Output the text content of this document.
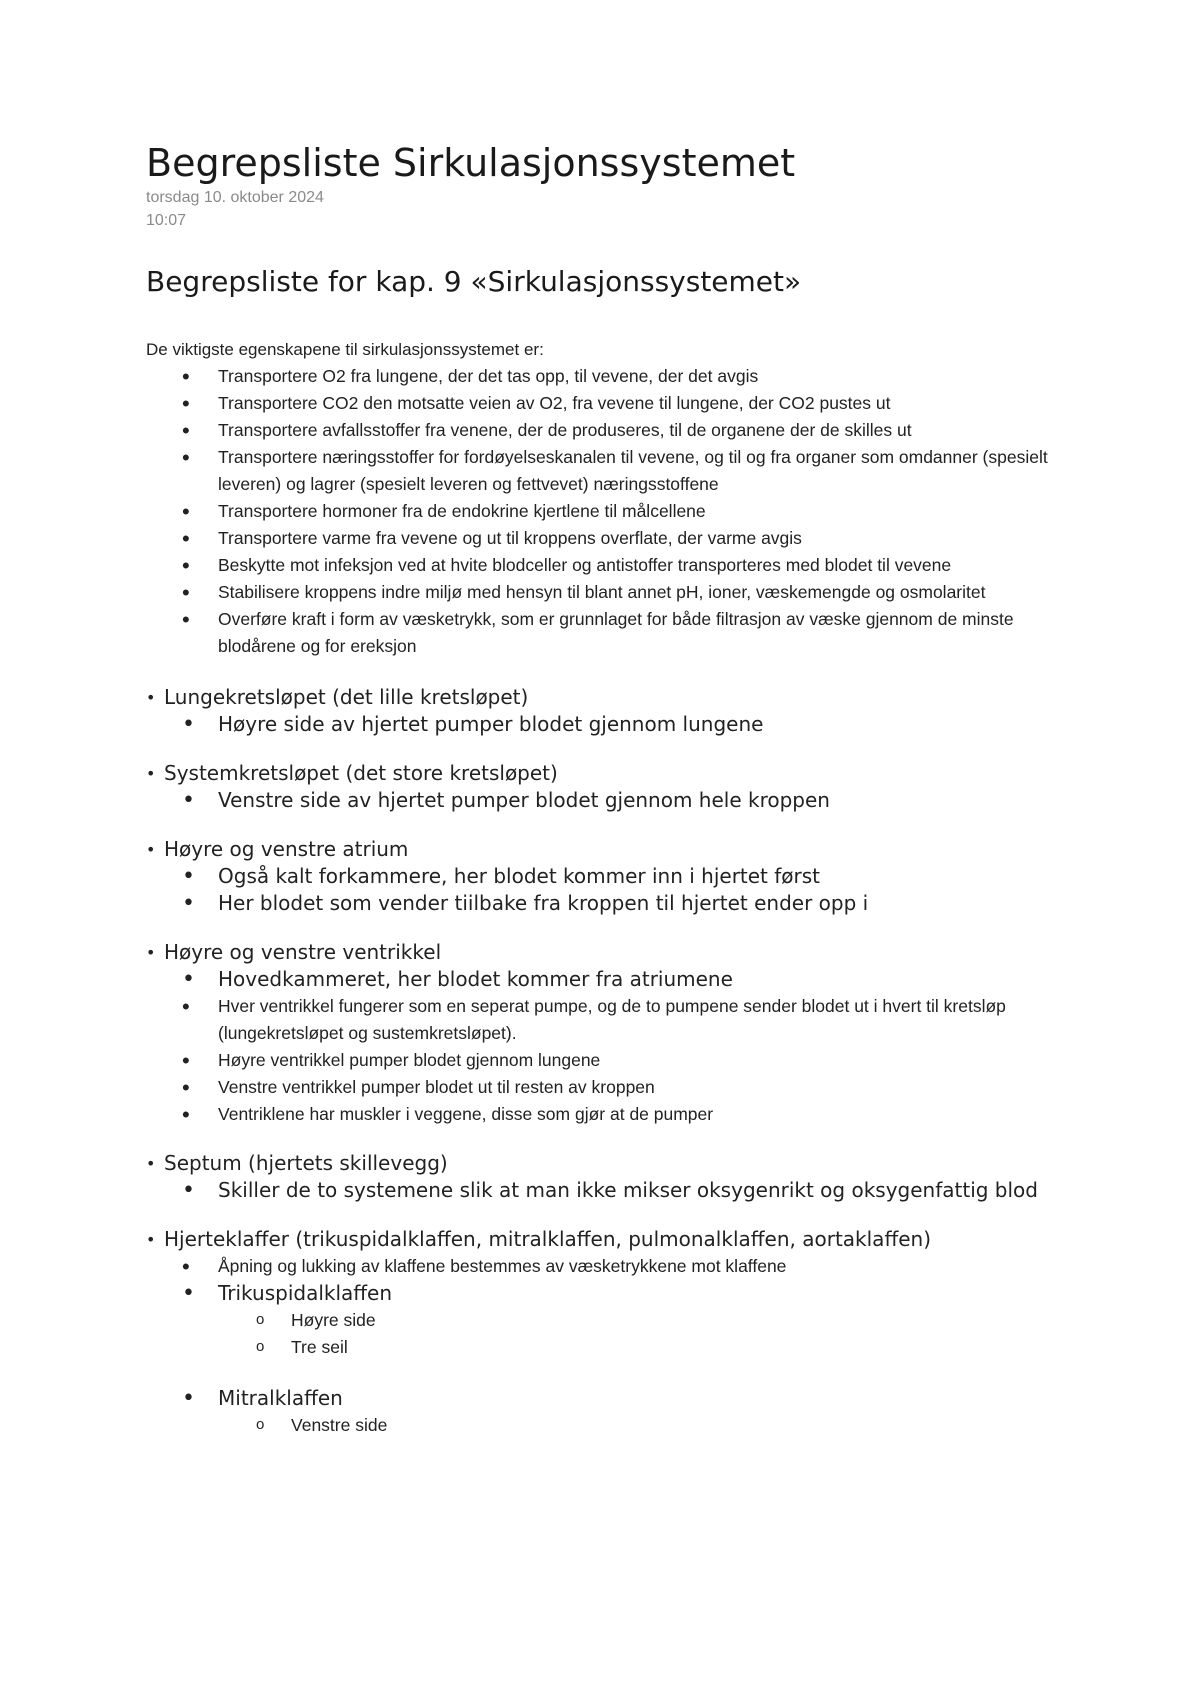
Begrepsliste Sirkulasjonssystemet
torsdag 10. oktober 2024
10:07
Begrepsliste for kap. 9 «Sirkulasjonssystemet»
De viktigste egenskapene til sirkulasjonssystemet er:
• Transportere O2 fra lungene, der det tas opp, til vevene, der det avgis
• Transportere CO2 den motsatte veien av O2, fra vevene til lungene, der CO2 pustes ut
• Transportere avfallsstoffer fra venene, der de produseres, til de organene der de skilles ut
• Transportere næringsstoffer for fordøyelseskanalen til vevene, og til og fra organer som omdanner (spesielt leveren) og lagrer (spesielt leveren og fettvevet) næringsstoffene
• Transportere hormoner fra de endokrine kjertlene til målcellene
• Transportere varme fra vevene og ut til kroppens overflate, der varme avgis
• Beskytte mot infeksjon ved at hvite blodceller og antistoffer transporteres med blodet til vevene
• Stabilisere kroppens indre miljø med hensyn til blant annet pH, ioner, væskemengde og osmolaritet
• Overføre kraft i form av væsketrykk, som er grunnlaget for både filtrasjon av væske gjennom de minste blodårene og for ereksjon
• Lungekretsløpet (det lille kretsløpet)
• Høyre side av hjertet pumper blodet gjennom lungene
• Systemkretsløpet (det store kretsløpet)
• Venstre side av hjertet pumper blodet gjennom hele kroppen
• Høyre og venstre atrium
• Også kalt forkammere, her blodet kommer inn i hjertet først
• Her blodet som vender tiilbake fra kroppen til hjertet ender opp i
• Høyre og venstre ventrikkel
• Hovedkammeret, her blodet kommer fra atriumene
• Hver ventrikkel fungerer som en seperat pumpe, og de to pumpene sender blodet ut i hvert til kretsløp (lungekretsløpet og sustemkretsløpet).
• Høyre ventrikkel pumper blodet gjennom lungene
• Venstre ventrikkel pumper blodet ut til resten av kroppen
• Ventriklene har muskler i veggene, disse som gjør at de pumper
• Septum (hjertets skillevegg)
• Skiller de to systemene slik at man ikke mikser oksygenrikt og oksygenfattig blod
• Hjerteklaffer (trikuspidalklaffen, mitralklaffen, pulmonalklaffen, aortaklaffen)
• Åpning og lukking av klaffene bestemmes av væsketrykkene mot klaffene
• Trikuspidalklaffen
o Høyre side
o Tre seil
• Mitralklaffen
o Venstre side
